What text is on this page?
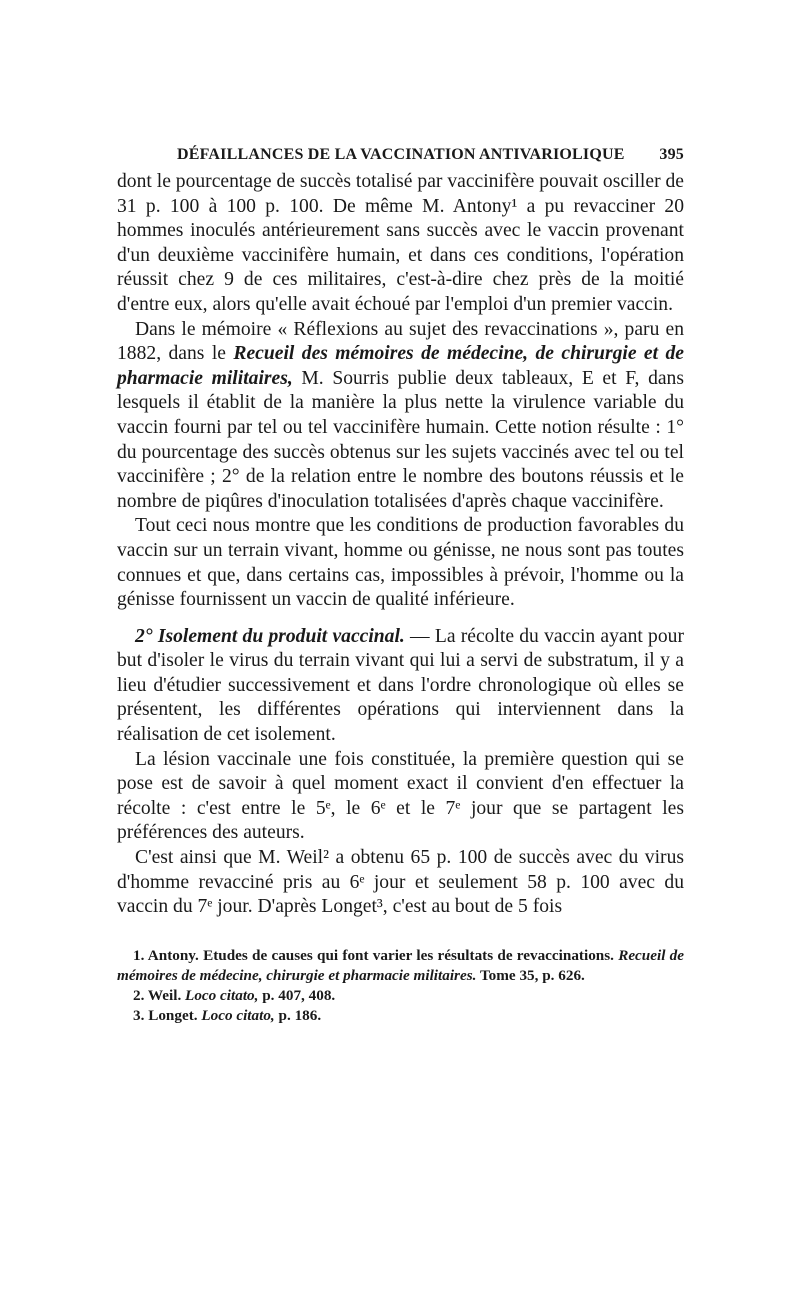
DÉFAILLANCES DE LA VACCINATION ANTIVARIOLIQUE 395

dont le pourcentage de succès totalisé par vaccinifère pouvait osciller de 31 p. 100 à 100 p. 100. De même M. Antony¹ a pu revacciner 20 hommes inoculés antérieurement sans succès avec le vaccin provenant d'un deuxième vaccinifère humain, et dans ces conditions, l'opération réussit chez 9 de ces militaires, c'est-à-dire chez près de la moitié d'entre eux, alors qu'elle avait échoué par l'emploi d'un premier vaccin.

Dans le mémoire « Réflexions au sujet des revaccinations », paru en 1882, dans le Recueil des mémoires de médecine, de chirurgie et de pharmacie militaires, M. Sourris publie deux tableaux, E et F, dans lesquels il établit de la manière la plus nette la virulence variable du vaccin fourni par tel ou tel vaccinifère humain. Cette notion résulte : 1° du pourcentage des succès obtenus sur les sujets vaccinés avec tel ou tel vaccinifère ; 2° de la relation entre le nombre des boutons réussis et le nombre de piqûres d'inoculation totalisées d'après chaque vaccinifère.

Tout ceci nous montre que les conditions de production favorables du vaccin sur un terrain vivant, homme ou génisse, ne nous sont pas toutes connues et que, dans certains cas, impossibles à prévoir, l'homme ou la génisse fournissent un vaccin de qualité inférieure.

2° Isolement du produit vaccinal. — La récolte du vaccin ayant pour but d'isoler le virus du terrain vivant qui lui a servi de substratum, il y a lieu d'étudier successivement et dans l'ordre chronologique où elles se présentent, les différentes opérations qui interviennent dans la réalisation de cet isolement.

La lésion vaccinale une fois constituée, la première question qui se pose est de savoir à quel moment exact il convient d'en effectuer la récolte : c'est entre le 5ᵉ, le 6ᵉ et le 7ᵉ jour que se partagent les préférences des auteurs.

C'est ainsi que M. Weil² a obtenu 65 p. 100 de succès avec du virus d'homme revacciné pris au 6ᵉ jour et seulement 58 p. 100 avec du vaccin du 7ᵉ jour. D'après Longet³, c'est au bout de 5 fois

1. Antony. Etudes de causes qui font varier les résultats de revaccinations. Recueil de mémoires de médecine, chirurgie et pharmacie militaires. Tome 35, p. 626.

2. Weil. Loco citato, p. 407, 408.

3. Longet. Loco citato, p. 186.
